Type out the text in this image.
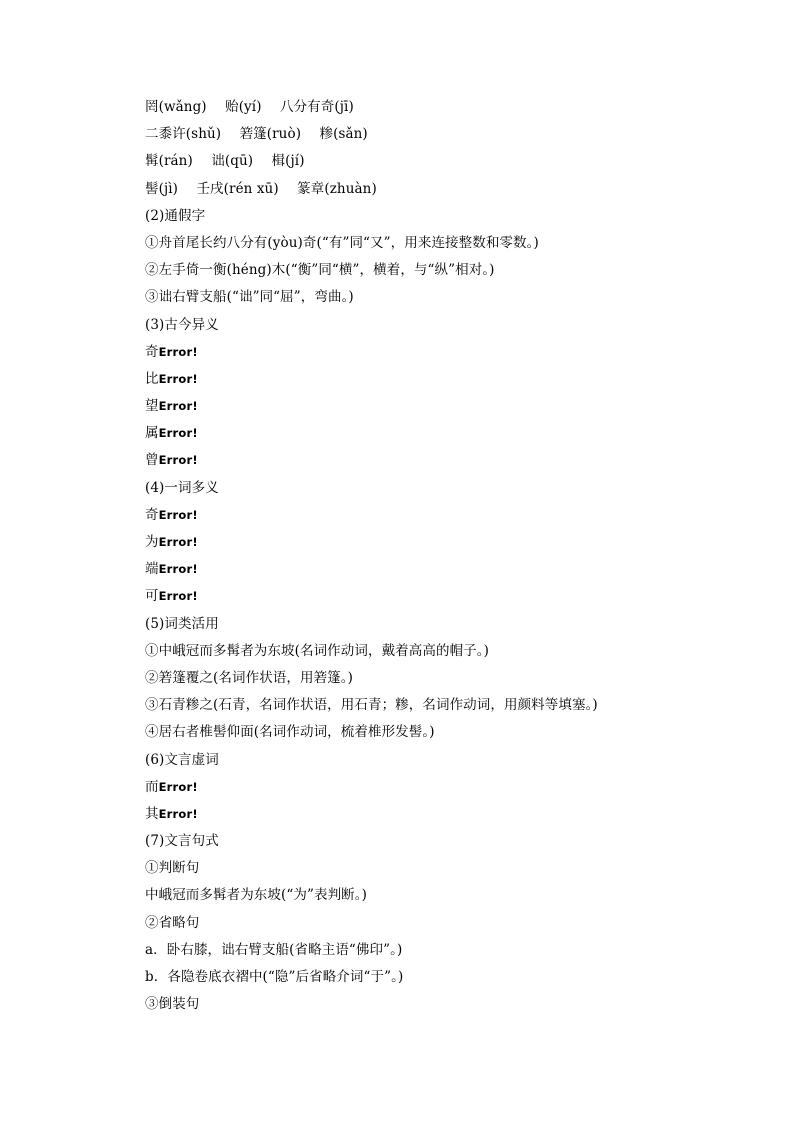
罔(wǎng) 贻(yí) 八分有奇(jī)
二黍许(shǔ) 箬篷(ruò) 糁(sǎn)
髯(rán) 诎(qū) 楫(jí)
髻(jì) 壬戌(rén xū) 篆章(zhuàn)
(2)通假字
①舟首尾长约八分有(yòu)奇(“有”同“又”，用来连接整数和零数。)
②左手倚一衡(héng)木(“衡”同“横”，横着，与“纵”相对。)
③诎右臂支船(“诎”同“屈”，弯曲。)
(3)古今异义
奇Error!
比Error!
望Error!
属Error!
曾Error!
(4)一词多义
奇Error!
为Error!
端Error!
可Error!
(5)词类活用
①中峨冠而多髯者为东坡(名词作动词，戴着高高的帽子。)
②箬篷覆之(名词作状语，用箬篷。)
③石青糁之(石青，名词作状语，用石青；糁，名词作动词，用颜料等填塞。)
④居右者椎髻仰面(名词作动词，梳着椎形发髻。)
(6)文言虚词
而Error!
其Error!
(7)文言句式
①判断句
中峨冠而多髯者为东坡(“为”表判断。)
②省略句
a．卧右膝，诎右臂支船(省略主语“佛印”。)
b．各隐卷底衣褶中(“隐”后省略介词“于”。)
③倒装句
